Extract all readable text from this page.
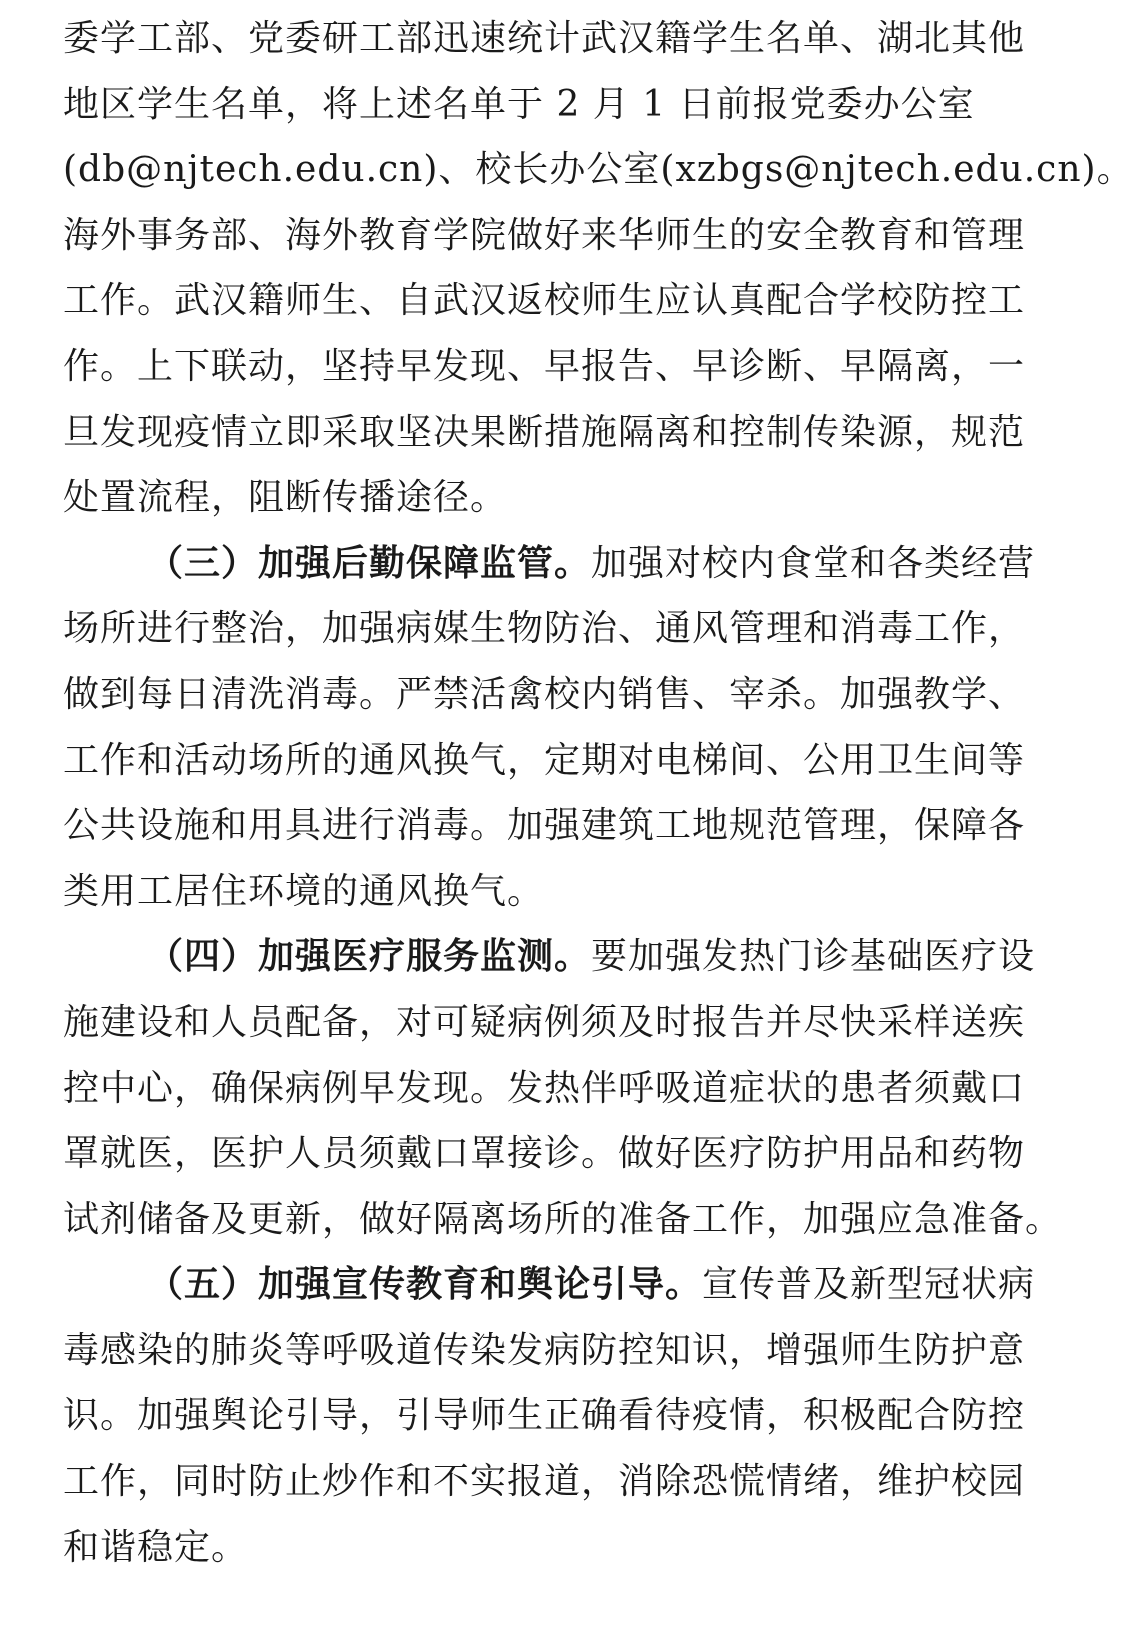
委学工部、党委研工部迅速统计武汉籍学生名单、湖北其他
地区学生名单，将上述名单于 2 月 1 日前报党委办公室
(db@njtech.edu.cn)、校长办公室(xzbgs@njtech.edu.cn)。
海外事务部、海外教育学院做好来华师生的安全教育和管理
工作。武汉籍师生、自武汉返校师生应认真配合学校防控工
作。上下联动，坚持早发现、早报告、早诊断、早隔离，一
旦发现疫情立即采取坚决果断措施隔离和控制传染源，规范
处置流程，阻断传播途径。
（三）加强后勤保障监管。加强对校内食堂和各类经营
场所进行整治，加强病媒生物防治、通风管理和消毒工作，
做到每日清洗消毒。严禁活禽校内销售、宰杀。加强教学、
工作和活动场所的通风换气，定期对电梯间、公用卫生间等
公共设施和用具进行消毒。加强建筑工地规范管理，保障各
类用工居住环境的通风换气。
（四）加强医疗服务监测。要加强发热门诊基础医疗设
施建设和人员配备，对可疑病例须及时报告并尽快采样送疾
控中心，确保病例早发现。发热伴呼吸道症状的患者须戴口
罩就医，医护人员须戴口罩接诊。做好医疗防护用品和药物
试剂储备及更新，做好隔离场所的准备工作，加强应急准备。
（五）加强宣传教育和舆论引导。宣传普及新型冠状病
毒感染的肺炎等呼吸道传染发病防控知识，增强师生防护意
识。加强舆论引导，引导师生正确看待疫情，积极配合防控
工作，同时防止炒作和不实报道，消除恐慌情绪，维护校园
和谐稳定。
